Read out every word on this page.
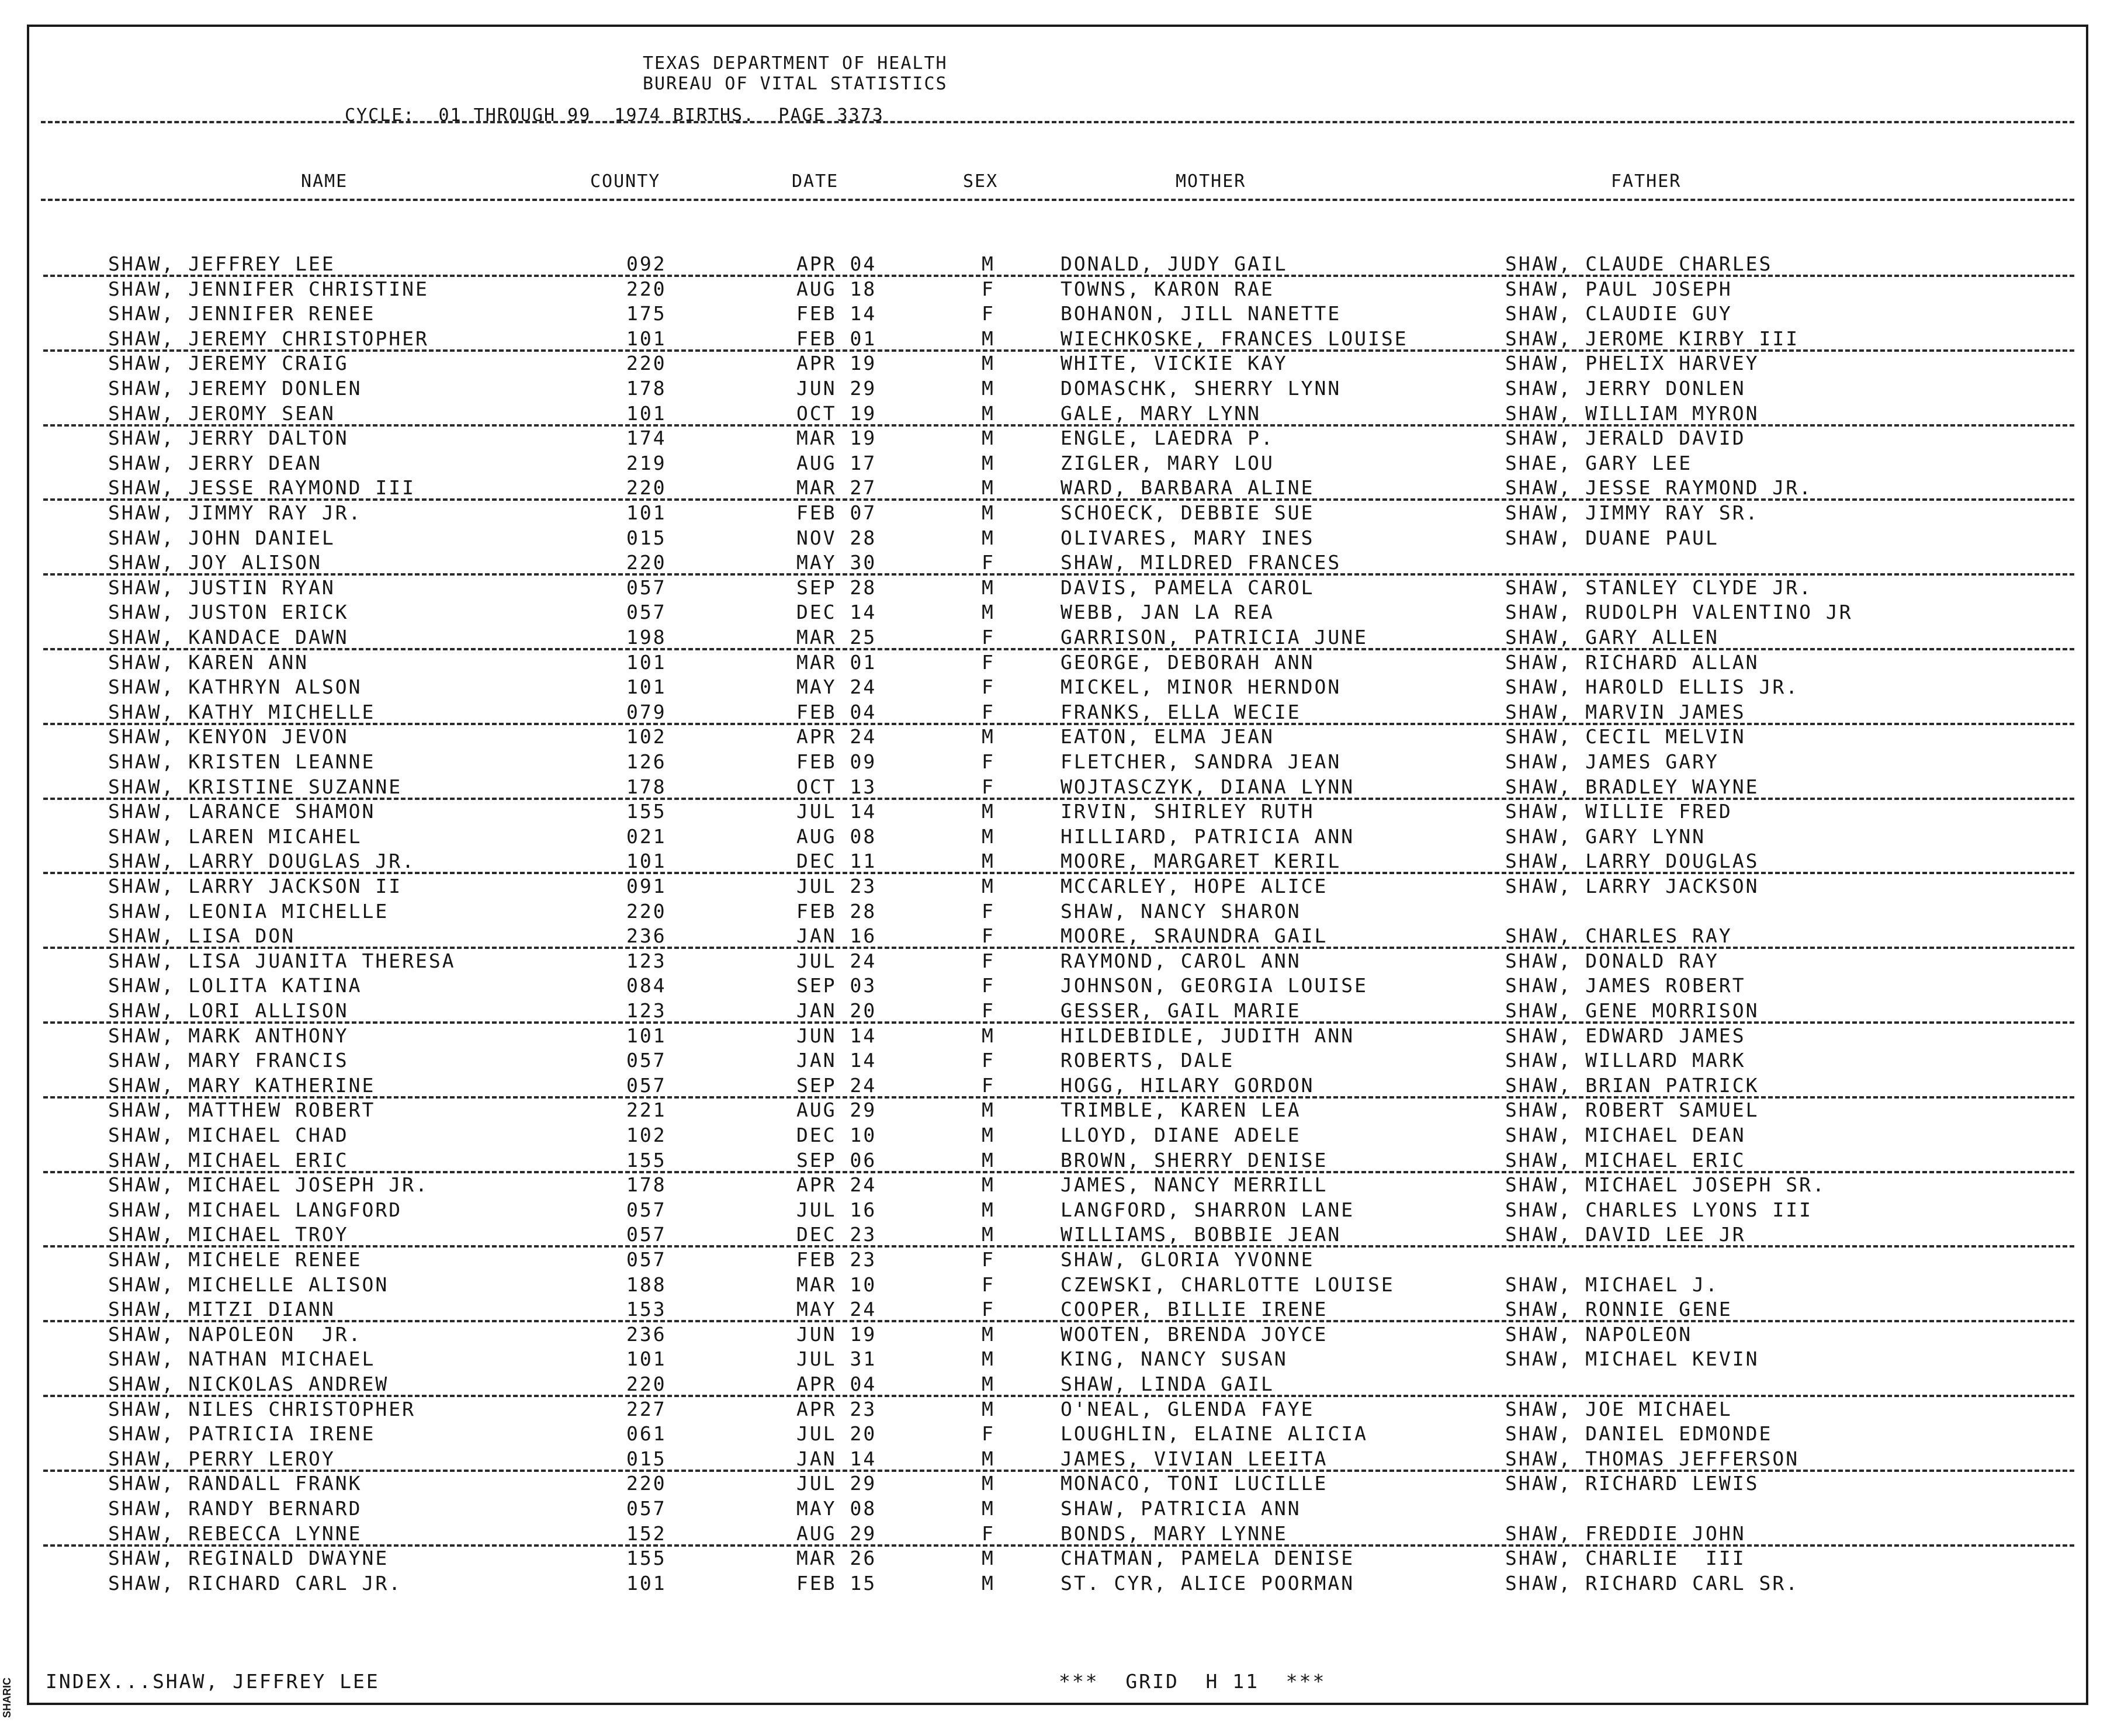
TEXAS DEPARTMENT OF HEALTH
BUREAU OF VITAL STATISTICS
CYCLE:  01 THROUGH 99  1974 BIRTHS.  PAGE 3373
NAME	COUNTY	DATE	SEX	MOTHER	FATHER
SHAW, JEFFREY LEE	092	APR 04	M	DONALD, JUDY GAIL	SHAW, CLAUDE CHARLES
SHAW, JENNIFER CHRISTINE	220	AUG 18	F	TOWNS, KARON RAE	SHAW, PAUL JOSEPH
SHAW, JENNIFER RENEE	175	FEB 14	F	BOHANON, JILL NANETTE	SHAW, CLAUDIE GUY
SHAW, JEREMY CHRISTOPHER	101	FEB 01	M	WIECHKOSKE, FRANCES LOUISE	SHAW, JEROME KIRBY III
SHAW, JEREMY CRAIG	220	APR 19	M	WHITE, VICKIE KAY	SHAW, PHELIX HARVEY
SHAW, JEREMY DONLEN	178	JUN 29	M	DOMASCHK, SHERRY LYNN	SHAW, JERRY DONLEN
SHAW, JEROMY SEAN	101	OCT 19	M	GALE, MARY LYNN	SHAW, WILLIAM MYRON
SHAW, JERRY DALTON	174	MAR 19	M	ENGLE, LAEDRA P.	SHAW, JERALD DAVID
SHAW, JERRY DEAN	219	AUG 17	M	ZIGLER, MARY LOU	SHAE, GARY LEE
SHAW, JESSE RAYMOND III	220	MAR 27	M	WARD, BARBARA ALINE	SHAW, JESSE RAYMOND JR.
SHAW, JIMMY RAY JR.	101	FEB 07	M	SCHOECK, DEBBIE SUE	SHAW, JIMMY RAY SR.
SHAW, JOHN DANIEL	015	NOV 28	M	OLIVARES, MARY INES	SHAW, DUANE PAUL
SHAW, JOY ALISON	220	MAY 30	F	SHAW, MILDRED FRANCES
SHAW, JUSTIN RYAN	057	SEP 28	M	DAVIS, PAMELA CAROL	SHAW, STANLEY CLYDE JR.
SHAW, JUSTON ERICK	057	DEC 14	M	WEBB, JAN LA REA	SHAW, RUDOLPH VALENTINO JR
SHAW, KANDACE DAWN	198	MAR 25	F	GARRISON, PATRICIA JUNE	SHAW, GARY ALLEN
SHAW, KAREN ANN	101	MAR 01	F	GEORGE, DEBORAH ANN	SHAW, RICHARD ALLAN
SHAW, KATHRYN ALSON	101	MAY 24	F	MICKEL, MINOR HERNDON	SHAW, HAROLD ELLIS JR.
SHAW, KATHY MICHELLE	079	FEB 04	F	FRANKS, ELLA WECIE	SHAW, MARVIN JAMES
SHAW, KENYON JEVON	102	APR 24	M	EATON, ELMA JEAN	SHAW, CECIL MELVIN
SHAW, KRISTEN LEANNE	126	FEB 09	F	FLETCHER, SANDRA JEAN	SHAW, JAMES GARY
SHAW, KRISTINE SUZANNE	178	OCT 13	F	WOJTASCZYK, DIANA LYNN	SHAW, BRADLEY WAYNE
SHAW, LARANCE SHAMON	155	JUL 14	M	IRVIN, SHIRLEY RUTH	SHAW, WILLIE FRED
SHAW, LAREN MICAHEL	021	AUG 08	M	HILLIARD, PATRICIA ANN	SHAW, GARY LYNN
SHAW, LARRY DOUGLAS JR.	101	DEC 11	M	MOORE, MARGARET KERIL	SHAW, LARRY DOUGLAS
SHAW, LARRY JACKSON II	091	JUL 23	M	MCCARLEY, HOPE ALICE	SHAW, LARRY JACKSON
SHAW, LEONIA MICHELLE	220	FEB 28	F	SHAW, NANCY SHARON
SHAW, LISA DON	236	JAN 16	F	MOORE, SRAUNDRA GAIL	SHAW, CHARLES RAY
SHAW, LISA JUANITA THERESA	123	JUL 24	F	RAYMOND, CAROL ANN	SHAW, DONALD RAY
SHAW, LOLITA KATINA	084	SEP 03	F	JOHNSON, GEORGIA LOUISE	SHAW, JAMES ROBERT
SHAW, LORI ALLISON	123	JAN 20	F	GESSER, GAIL MARIE	SHAW, GENE MORRISON
SHAW, MARK ANTHONY	101	JUN 14	M	HILDEBIDLE, JUDITH ANN	SHAW, EDWARD JAMES
SHAW, MARY FRANCIS	057	JAN 14	F	ROBERTS, DALE	SHAW, WILLARD MARK
SHAW, MARY KATHERINE	057	SEP 24	F	HOGG, HILARY GORDON	SHAW, BRIAN PATRICK
SHAW, MATTHEW ROBERT	221	AUG 29	M	TRIMBLE, KAREN LEA	SHAW, ROBERT SAMUEL
SHAW, MICHAEL CHAD	102	DEC 10	M	LLOYD, DIANE ADELE	SHAW, MICHAEL DEAN
SHAW, MICHAEL ERIC	155	SEP 06	M	BROWN, SHERRY DENISE	SHAW, MICHAEL ERIC
SHAW, MICHAEL JOSEPH JR.	178	APR 24	M	JAMES, NANCY MERRILL	SHAW, MICHAEL JOSEPH SR.
SHAW, MICHAEL LANGFORD	057	JUL 16	M	LANGFORD, SHARRON LANE	SHAW, CHARLES LYONS III
SHAW, MICHAEL TROY	057	DEC 23	M	WILLIAMS, BOBBIE JEAN	SHAW, DAVID LEE JR
SHAW, MICHELE RENEE	057	FEB 23	F	SHAW, GLORIA YVONNE
SHAW, MICHELLE ALISON	188	MAR 10	F	CZEWSKI, CHARLOTTE LOUISE	SHAW, MICHAEL J.
SHAW, MITZI DIANN	153	MAY 24	F	COOPER, BILLIE IRENE	SHAW, RONNIE GENE
SHAW, NAPOLEON  JR.	236	JUN 19	M	WOOTEN, BRENDA JOYCE	SHAW, NAPOLEON
SHAW, NATHAN MICHAEL	101	JUL 31	M	KING, NANCY SUSAN	SHAW, MICHAEL KEVIN
SHAW, NICKOLAS ANDREW	220	APR 04	M	SHAW, LINDA GAIL
SHAW, NILES CHRISTOPHER	227	APR 23	M	O'NEAL, GLENDA FAYE	SHAW, JOE MICHAEL
SHAW, PATRICIA IRENE	061	JUL 20	F	LOUGHLIN, ELAINE ALICIA	SHAW, DANIEL EDMONDE
SHAW, PERRY LEROY	015	JAN 14	M	JAMES, VIVIAN LEEITA	SHAW, THOMAS JEFFERSON
SHAW, RANDALL FRANK	220	JUL 29	M	MONACO, TONI LUCILLE	SHAW, RICHARD LEWIS
SHAW, RANDY BERNARD	057	MAY 08	M	SHAW, PATRICIA ANN
SHAW, REBECCA LYNNE	152	AUG 29	F	BONDS, MARY LYNNE	SHAW, FREDDIE JOHN
SHAW, REGINALD DWAYNE	155	MAR 26	M	CHATMAN, PAMELA DENISE	SHAW, CHARLIE  III
SHAW, RICHARD CARL JR.	101	FEB 15	M	ST. CYR, ALICE POORMAN	SHAW, RICHARD CARL SR.
INDEX...SHAW, JEFFREY LEE	***  GRID  H 11  ***
SHARIC
